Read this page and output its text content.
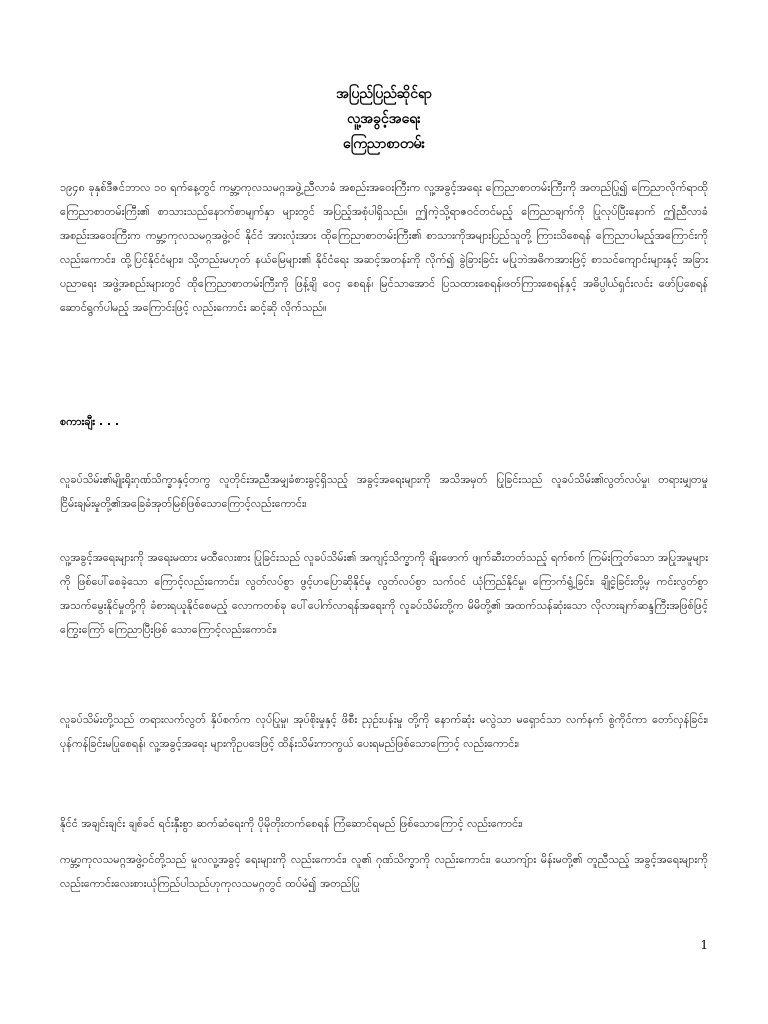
အပြည်ပြည်ဆိုင်ရာ
လူ့အခွင့်အရေး
ကြေညာစာတမ်း

၁၉၄၈ ခုနှစ်ဒီဇင်ဘာလ ၁၀ ရက်နေ့တွင် ကမ္ဘာ့ကုလသမဂ္ဂအဖွဲ့ညီလာခံ အစည်းအဝေးကြီးက လူ့အခွင့်အရေး ကြေညာစာတမ်းကြီးကို အတည်ပြု၍ ကြေညာလိုက်ရာထိုကြေညာစာတမ်းကြီး၏ စာသားသည်နောက်စာမျက်နှာ များတွင် အပြည့်အစုံပါရှိသည်။ ဤကဲ့သို့ရာဇဝင်တင်မည့် ကြေညာချက်ကို ပြုလုပ်ပြီးနောက် ဤညီလာခံအစည်းအဝေးကြီးက ကမ္ဘာ့ကုလသမဂ္ဂအဖွဲ့ဝင် နိုင်ငံ အားလုံးအား ထိုကြေညာစာတမ်းကြီး၏ စာသားကိုအများပြည်သူတို့ ကြားသိစေရန် ကြေညာပါမည့်အကြောင်းကိုလည်းကောင်း၊ ထို့ပြင်နိုင်ငံများ၊ သို့တည်းမဟုတ် နယ်မြေများ၏ နိုင်ငံရေး အဆင့်အတန်းကို လိုက်၍ ခွဲခြားခြင်း မပြုဘဲအဓိကအားဖြင့် စာသင်ကျောင်းများနှင့် အခြားပညာရေး အဖွဲ့အစည်းများတွင် ထိုကြေညာစာတမ်းကြီးကို ဖြန့်ချိ ဝေငှ စေရန်၊ မြင်သာအောင် ပြသထားစေရန်၊ဖတ်ကြားစေရန်နှင့် အဓိပ္ပါယ်ရှင်းလင်း ဖော်ပြစေရန် ဆောင်ရွက်ပါမည့် အကြောင်းဖြင့် လည်းကောင်း ဆင့်ဆို လိုက်သည်။

စကားချီး . . .

လူခပ်သိမ်း၏မျိုးရိုးဂုဏ်သိက္ခာနှင့်တကွ လူတိုင်းအညီအမျှခံစားခွင့်ရှိသည့် အခွင့်အရေးများကို အသိအမှတ် ပြုခြင်းသည် လူခပ်သိမ်း၏လွတ်လပ်မှု၊ တရားမျှတမှုငြိမ်းချမ်းမှုတို့၏အခြေခံအုတ်မြစ်ဖြစ်သောကြောင့်လည်းကောင်း၊

လူ့အခွင့်အရေးများကို အရေးမထား မထီလေးစား ပြုခြင်းသည် လူခပ်သိမ်း၏ အကျင့်သိက္ခာကို ချိုးဖောက် ဖျက်ဆီးတတ်သည့် ရက်စက် ကြမ်းကြုတ်သော အပြုအမူများကို ဖြစ်ပေါ်စေခဲ့သော ကြောင့်လည်းကောင်း၊ လွတ်လပ်စွာ ဖွင့်ဟပြောဆိုနိုင်မှု လွတ်လပ်စွာ သက်ဝင် ယုံကြည်နိုင်မှု၊ ကြောက်ရွံ့ခြင်း၊ ချို့ငဲ့ခြင်းတို့မှ ကင်းလွတ်စွာ အသက်မွေးနိုင်မှုတို့ကို ခံစားရယူနိုင်စေမည့် လောကတစ်ခု ပေါ်ပေါက်လာရန်အရေးကို လူခပ်သိမ်းတို့က မိမိတို့၏ အထက်သန်ဆုံးသော လိုလားချက်ဆန္ဒကြီးအဖြစ်ဖြင့် ကြွေးကြော် ကြေညာပြီးဖြစ် သောကြောင့်လည်းကောင်း၊

လူခပ်သိမ်းတို့သည် တရားလက်လွတ် နှိပ်စက်က လုပ်ပြုမှု၊ အုပ်စိုးမှုနှင့် ဖိစီး ညှဉ်းပန်းမှု တို့ကို နောက်ဆုံး မလွဲသာ မရှောင်သာ လက်နက် စွဲကိုင်ကာ တော်လှန်ခြင်း၊ ပုန်ကန်ခြင်းမပြုစေရန်၊ လူ့အခွင့်အရေး များကိုဥပဒေဖြင့် ထိန်းသိမ်းကာကွယ် ပေးရမည်ဖြစ်သောကြောင့် လည်းကောင်း၊

နိုင်ငံ အချင်းချင်း ချစ်ခင် ရင်းနှီးစွာ ဆက်ဆံရေးကို ပိုမိုတိုးတက်စေရန် ကြံဆောင်ရမည် ဖြစ်သောကြောင့် လည်းကောင်း၊

ကမ္ဘာ့ကုလသမဂ္ဂအဖွဲ့ဝင်တို့သည် မူလလူ့အခွင့် ရေးများကို လည်းကောင်း၊ လူ၏ ဂုဏ်သိက္ခာကို လည်းကောင်း၊ ယောကျ်ား မိန်းမတို့၏ တူညီသည့် အခွင့်အရေးများကိုလည်းကောင်းလေးစားယုံကြည်ပါသည်ဟုကုလသမဂ္ဂတွင် ထပ်မံ၍ အတည်ပြု

1
